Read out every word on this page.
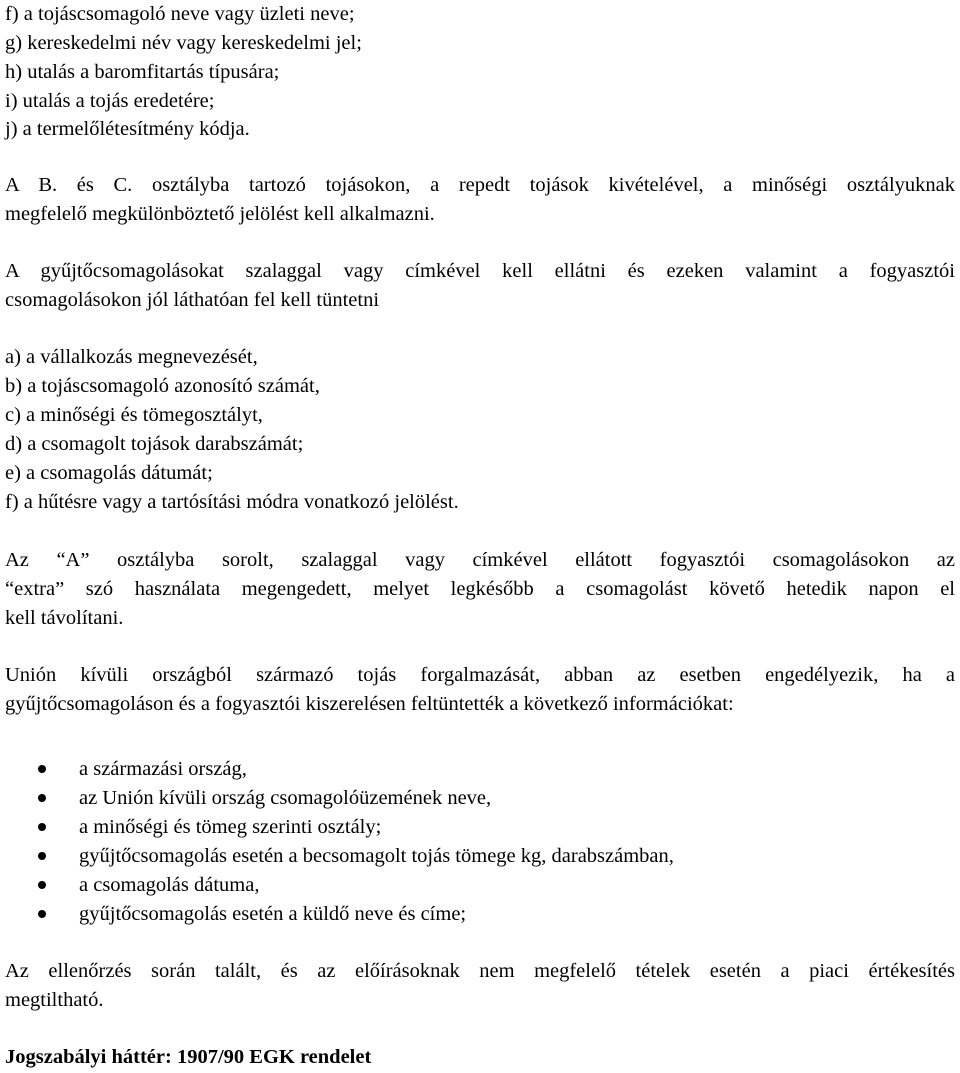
f) a tojáscsomagoló neve vagy üzleti neve;
g) kereskedelmi név vagy kereskedelmi jel;
h) utalás a baromfitartás típusára;
i) utalás a tojás eredetére;
j) a termelőlétesítmény kódja.
A B. és C. osztályba tartozó tojásokon, a repedt tojások kivételével, a minőségi osztályuknak
megfelelő megkülönböztető jelölést kell alkalmazni.
A gyűjtőcsomagolásokat szalaggal vagy címkével kell ellátni és ezeken valamint a fogyasztói
csomagolásokon jól láthatóan fel kell tüntetni
a) a vállalkozás megnevezését,
b) a tojáscsomagoló azonosító számát,
c) a minőségi és tömegosztályt,
d) a csomagolt tojások darabszámát;
e) a csomagolás dátumát;
f) a hűtésre vagy a tartósítási módra vonatkozó jelölést.
Az “A” osztályba sorolt, szalaggal vagy címkével ellátott fogyasztói csomagolásokon az
“extra” szó használata megengedett, melyet legkésőbb a csomagolást követő hetedik napon el
kell távolítani.
Unión kívüli országból származó tojás forgalmazását, abban az esetben engedélyezik, ha a
gyűjtőcsomagoláson és a fogyasztói kiszerelésen feltüntették a következő információkat:
a származási ország,
az Unión kívüli ország csomagolóüzemének neve,
a minőségi és tömeg szerinti osztály;
gyűjtőcsomagolás esetén a becsomagolt tojás tömege kg, darabszámban,
a csomagolás dátuma,
gyűjtőcsomagolás esetén a küldő neve és címe;
Az ellenőrzés során talált, és az előírásoknak nem megfelelő tételek esetén a piaci értékesítés
megtiltható.
Jogszabályi háttér: 1907/90 EGK rendelet
